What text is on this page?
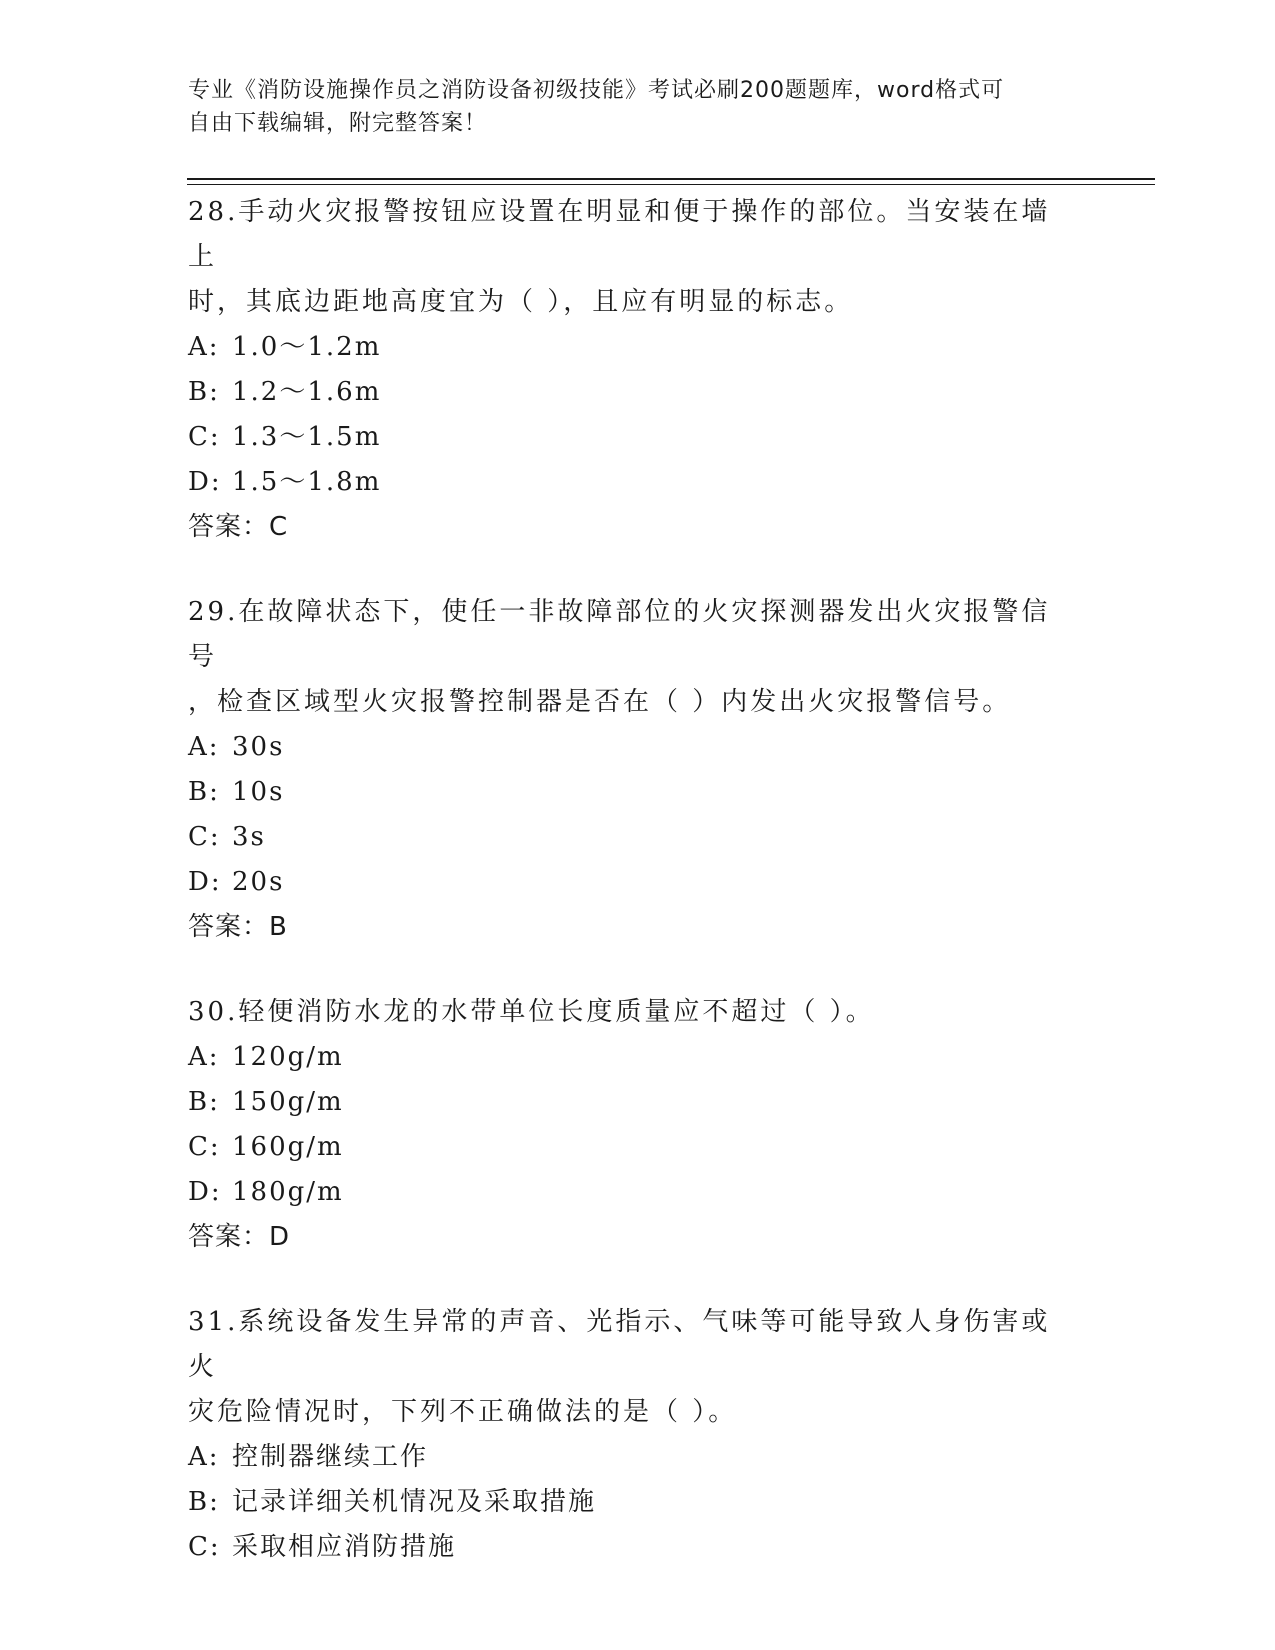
专业《消防设施操作员之消防设备初级技能》考试必刷200题题库，word格式可
自由下载编辑，附完整答案！

28.手动火灾报警按钮应设置在明显和便于操作的部位。当安装在墙上

时，其底边距地高度宜为（ ），且应有明显的标志。

A: 1.0～1.2m

B: 1.2～1.6m

C: 1.3～1.5m

D: 1.5～1.8m

答案：C

29.在故障状态下，使任一非故障部位的火灾探测器发出火灾报警信号

，检查区域型火灾报警控制器是否在（ ）内发出火灾报警信号。

A: 30s

B: 10s

C: 3s

D: 20s

答案：B

30.轻便消防水龙的水带单位长度质量应不超过（ ）。

A: 120g/m

B: 150g/m

C: 160g/m

D: 180g/m

答案：D

31.系统设备发生异常的声音、光指示、气味等可能导致人身伤害或火

灾危险情况时，下列不正确做法的是（ ）。

A: 控制器继续工作

B: 记录详细关机情况及采取措施

C: 采取相应消防措施
